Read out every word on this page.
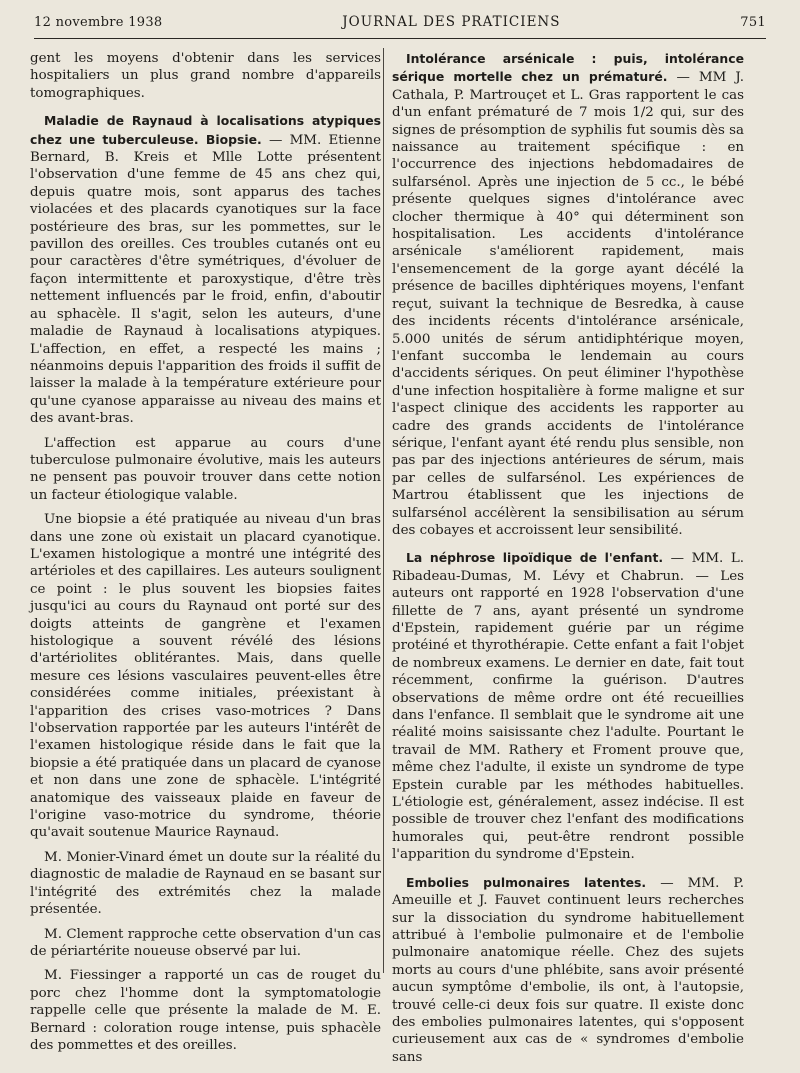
12 novembre 1938	JOURNAL DES PRATICIENS	751

gent les moyens d'obtenir dans les services hospitaliers un plus grand nombre d'appareils tomographiques.

Maladie de Raynaud à localisations atypiques chez une tuberculeuse. Biopsie. — MM. Etienne Bernard, B. Kreis et Mlle Lotte présentent l'observation d'une femme de 45 ans chez qui, depuis quatre mois, sont apparus des taches violacées et des placards cyanotiques sur la face postérieure des bras, sur les pommettes, sur le pavillon des oreilles. Ces troubles cutanés ont eu pour caractères d'être symétriques, d'évoluer de façon intermittente et paroxystique, d'être très nettement influencés par le froid, enfin, d'aboutir au sphacèle. Il s'agit, selon les auteurs, d'une maladie de Raynaud à localisations atypiques. L'affection, en effet, a respecté les mains ; néanmoins depuis l'apparition des froids il suffit de laisser la malade à la température extérieure pour qu'une cyanose apparaisse au niveau des mains et des avant-bras.

L'affection est apparue au cours d'une tuberculose pulmonaire évolutive, mais les auteurs ne pensent pas pouvoir trouver dans cette notion un facteur étiologique valable.

Une biopsie a été pratiquée au niveau d'un bras dans une zone où existait un placard cyanotique. L'examen histologique a montré une intégrité des artérioles et des capillaires. Les auteurs soulignent ce point : le plus souvent les biopsies faites jusqu'ici au cours du Raynaud ont porté sur des doigts atteints de gangrène et l'examen histologique a souvent révélé des lésions d'artériolites oblitérantes. Mais, dans quelle mesure ces lésions vasculaires peuvent-elles être considérées comme initiales, préexistant à l'apparition des crises vaso-motrices ? Dans l'observation rapportée par les auteurs l'intérêt de l'examen histologique réside dans le fait que la biopsie a été pratiquée dans un placard de cyanose et non dans une zone de sphacèle. L'intégrité anatomique des vaisseaux plaide en faveur de l'origine vaso-motrice du syndrome, théorie qu'avait soutenue Maurice Raynaud.

M. Monier-Vinard émet un doute sur la réalité du diagnostic de maladie de Raynaud en se basant sur l'intégrité des extrémités chez la malade présentée.

M. Clement rapproche cette observation d'un cas de périartérite noueuse observé par lui.

M. Fiessinger a rapporté un cas de rouget du porc chez l'homme dont la symptomatologie rappelle celle que présente la malade de M. E. Bernard : coloration rouge intense, puis sphacèle des pommettes et des oreilles.

Intolérance arsénicale : puis, intolérance sérique mortelle chez un prématuré. — MM J. Cathala, P. Martrouçet et L. Gras rapportent le cas d'un enfant prématuré de 7 mois 1/2 qui, sur des signes de présomption de syphilis fut soumis dès sa naissance au traitement spécifique : en l'occurrence des injections hebdomadaires de sulfarsénol. Après une injection de 5 cc., le bébé présente quelques signes d'intolérance avec clocher thermique à 40° qui déterminent son hospitalisation. Les accidents d'intolérance arsénicale s'améliorent rapidement, mais l'ensemencement de la gorge ayant décélé la présence de bacilles diphtériques moyens, l'enfant reçut, suivant la technique de Besredka, à cause des incidents récents d'intolérance arsénicale, 5.000 unités de sérum antidiphtérique moyen, l'enfant succomba le lendemain au cours d'accidents sériques. On peut éliminer l'hypothèse d'une infection hospitalière à forme maligne et sur l'aspect clinique des accidents les rapporter au cadre des grands accidents de l'intolérance sérique, l'enfant ayant été rendu plus sensible, non pas par des injections antérieures de sérum, mais par celles de sulfarsénol. Les expériences de Martrou établissent que les injections de sulfarsénol accélèrent la sensibilisation au sérum des cobayes et accroissent leur sensibilité.

La néphrose lipoïdique de l'enfant. — MM. L. Ribadeau-Dumas, M. Lévy et Chabrun. — Les auteurs ont rapporté en 1928 l'observation d'une fillette de 7 ans, ayant présenté un syndrome d'Epstein, rapidement guérie par un régime protéiné et thyrothérapie. Cette enfant a fait l'objet de nombreux examens. Le dernier en date, fait tout récemment, confirme la guérison. D'autres observations de même ordre ont été recueillies dans l'enfance. Il semblait que le syndrome ait une réalité moins saisissante chez l'adulte. Pourtant le travail de MM. Rathery et Froment prouve que, même chez l'adulte, il existe un syndrome de type Epstein curable par les méthodes habituelles. L'étiologie est, généralement, assez indécise. Il est possible de trouver chez l'enfant des modifications humorales qui, peut-être rendront possible l'apparition du syndrome d'Epstein.

Embolies pulmonaires latentes. — MM. P. Ameuille et J. Fauvet continuent leurs recherches sur la dissociation du syndrome habituellement attribué à l'embolie pulmonaire et de l'embolie pulmonaire anatomique réelle. Chez des sujets morts au cours d'une phlébite, sans avoir présenté aucun symptôme d'embolie, ils ont, à l'autopsie, trouvé celle-ci deux fois sur quatre. Il existe donc des embolies pulmonaires latentes, qui s'opposent curieusement aux cas de « syndromes d'embolie sans
